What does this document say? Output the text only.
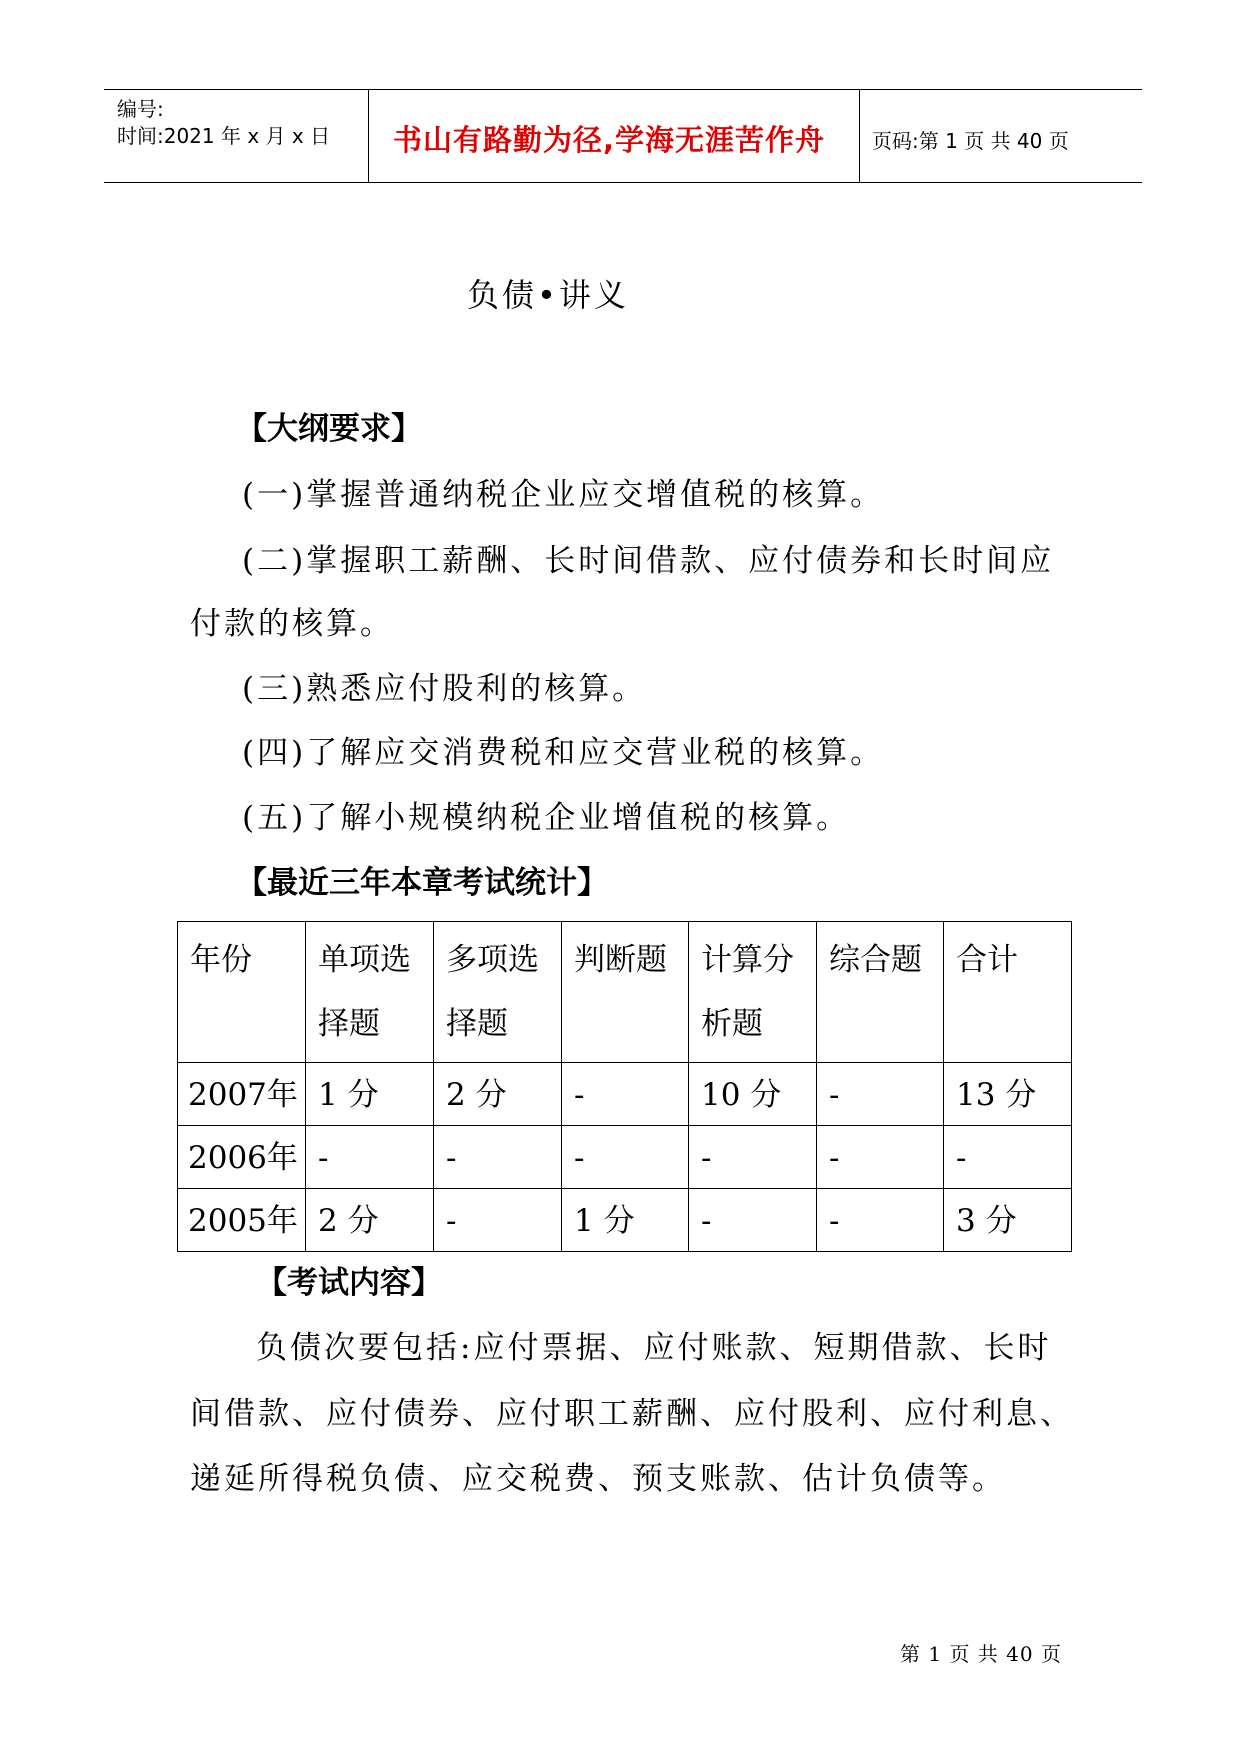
编号:
时间:2021 年 x 月 x 日 书山有路勤为径,学海无涯苦作舟 页码:第 1 页 共 40 页
负债•讲义
【大纲要求】
(一)掌握普通纳税企业应交增值税的核算。
(二)掌握职工薪酬、长时间借款、应付债券和长时间应
付款的核算。
(三)熟悉应付股利的核算。
(四)了解应交消费税和应交营业税的核算。
(五)了解小规模纳税企业增值税的核算。
【最近三年本章考试统计】
年份	单项选择题	多项选择题	判断题	计算分析题	综合题	合计
2007年	1 分	2 分	-	10 分	-	13 分
2006年	-	-	-	-	-	-
2005年	2 分	-	1 分	-	-	3 分
【考试内容】
负债次要包括:应付票据、应付账款、短期借款、长时
间借款、应付债券、应付职工薪酬、应付股利、应付利息、
递延所得税负债、应交税费、预支账款、估计负债等。
第 1 页 共 40 页
